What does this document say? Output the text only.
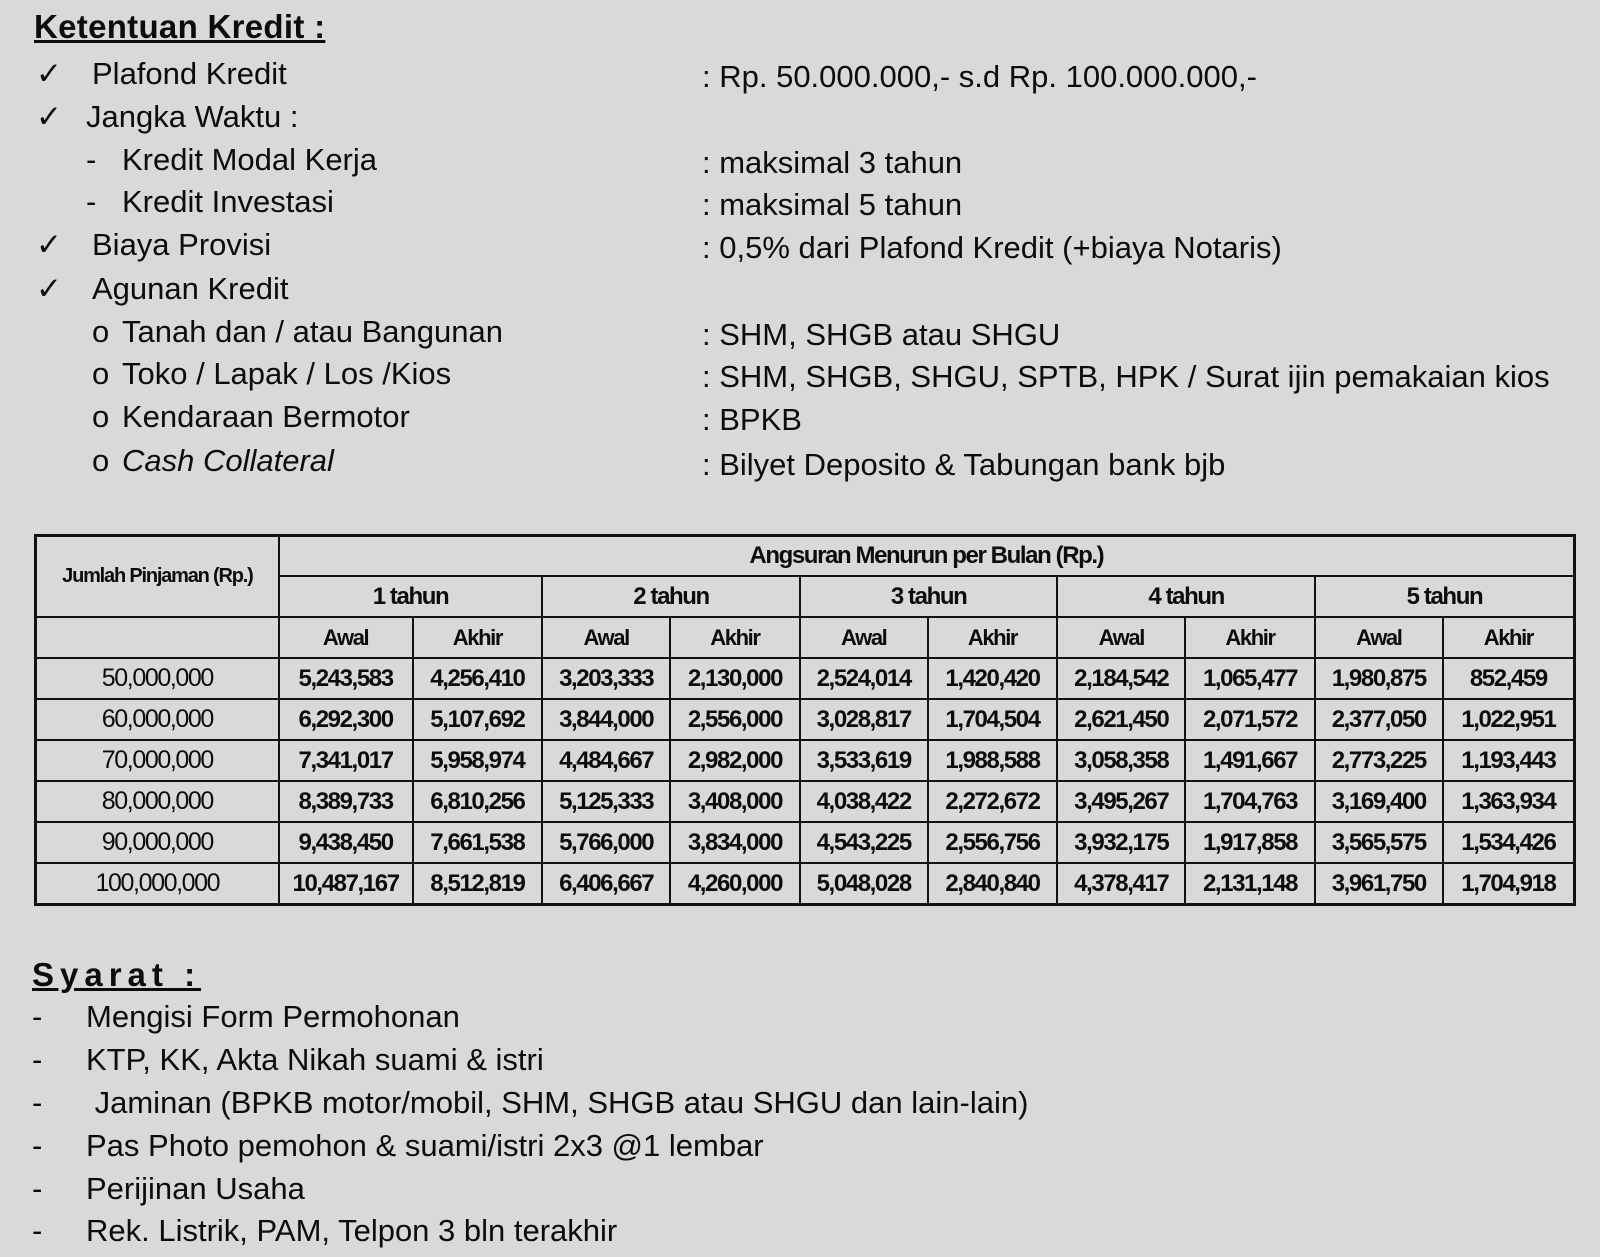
Ketentuan Kredit :
✓ Plafond Kredit	: Rp. 50.000.000,- s.d Rp. 100.000.000,-
✓ Jangka Waktu :
- Kredit Modal Kerja	: maksimal 3 tahun
- Kredit Investasi	: maksimal 5 tahun
✓ Biaya Provisi	: 0,5% dari Plafond Kredit (+biaya Notaris)
✓ Agunan Kredit
o Tanah dan / atau Bangunan	: SHM, SHGB atau SHGU
o Toko / Lapak / Los /Kios	: SHM, SHGB, SHGU, SPTB, HPK / Surat ijin pemakaian kios
o Kendaraan Bermotor	: BPKB
o Cash Collateral	: Bilyet Deposito & Tabungan bank bjb
Jumlah Pinjaman (Rp.)	Angsuran Menurun per Bulan (Rp.)									
	1 tahun		2 tahun		3 tahun		4 tahun		5 tahun	
	Awal	Akhir	Awal	Akhir	Awal	Akhir	Awal	Akhir	Awal	Akhir
50,000,000	5,243,583	4,256,410	3,203,333	2,130,000	2,524,014	1,420,420	2,184,542	1,065,477	1,980,875	852,459
60,000,000	6,292,300	5,107,692	3,844,000	2,556,000	3,028,817	1,704,504	2,621,450	2,071,572	2,377,050	1,022,951
70,000,000	7,341,017	5,958,974	4,484,667	2,982,000	3,533,619	1,988,588	3,058,358	1,491,667	2,773,225	1,193,443
80,000,000	8,389,733	6,810,256	5,125,333	3,408,000	4,038,422	2,272,672	3,495,267	1,704,763	3,169,400	1,363,934
90,000,000	9,438,450	7,661,538	5,766,000	3,834,000	4,543,225	2,556,756	3,932,175	1,917,858	3,565,575	1,534,426
100,000,000	10,487,167	8,512,819	6,406,667	4,260,000	5,048,028	2,840,840	4,378,417	2,131,148	3,961,750	1,704,918
Syarat :
- Mengisi Form Permohonan
- KTP, KK, Akta Nikah suami & istri
- Jaminan (BPKB motor/mobil, SHM, SHGB atau SHGU dan lain-lain)
- Pas Photo pemohon & suami/istri 2x3 @1 lembar
- Perijinan Usaha
- Rek. Listrik, PAM, Telpon 3 bln terakhir
